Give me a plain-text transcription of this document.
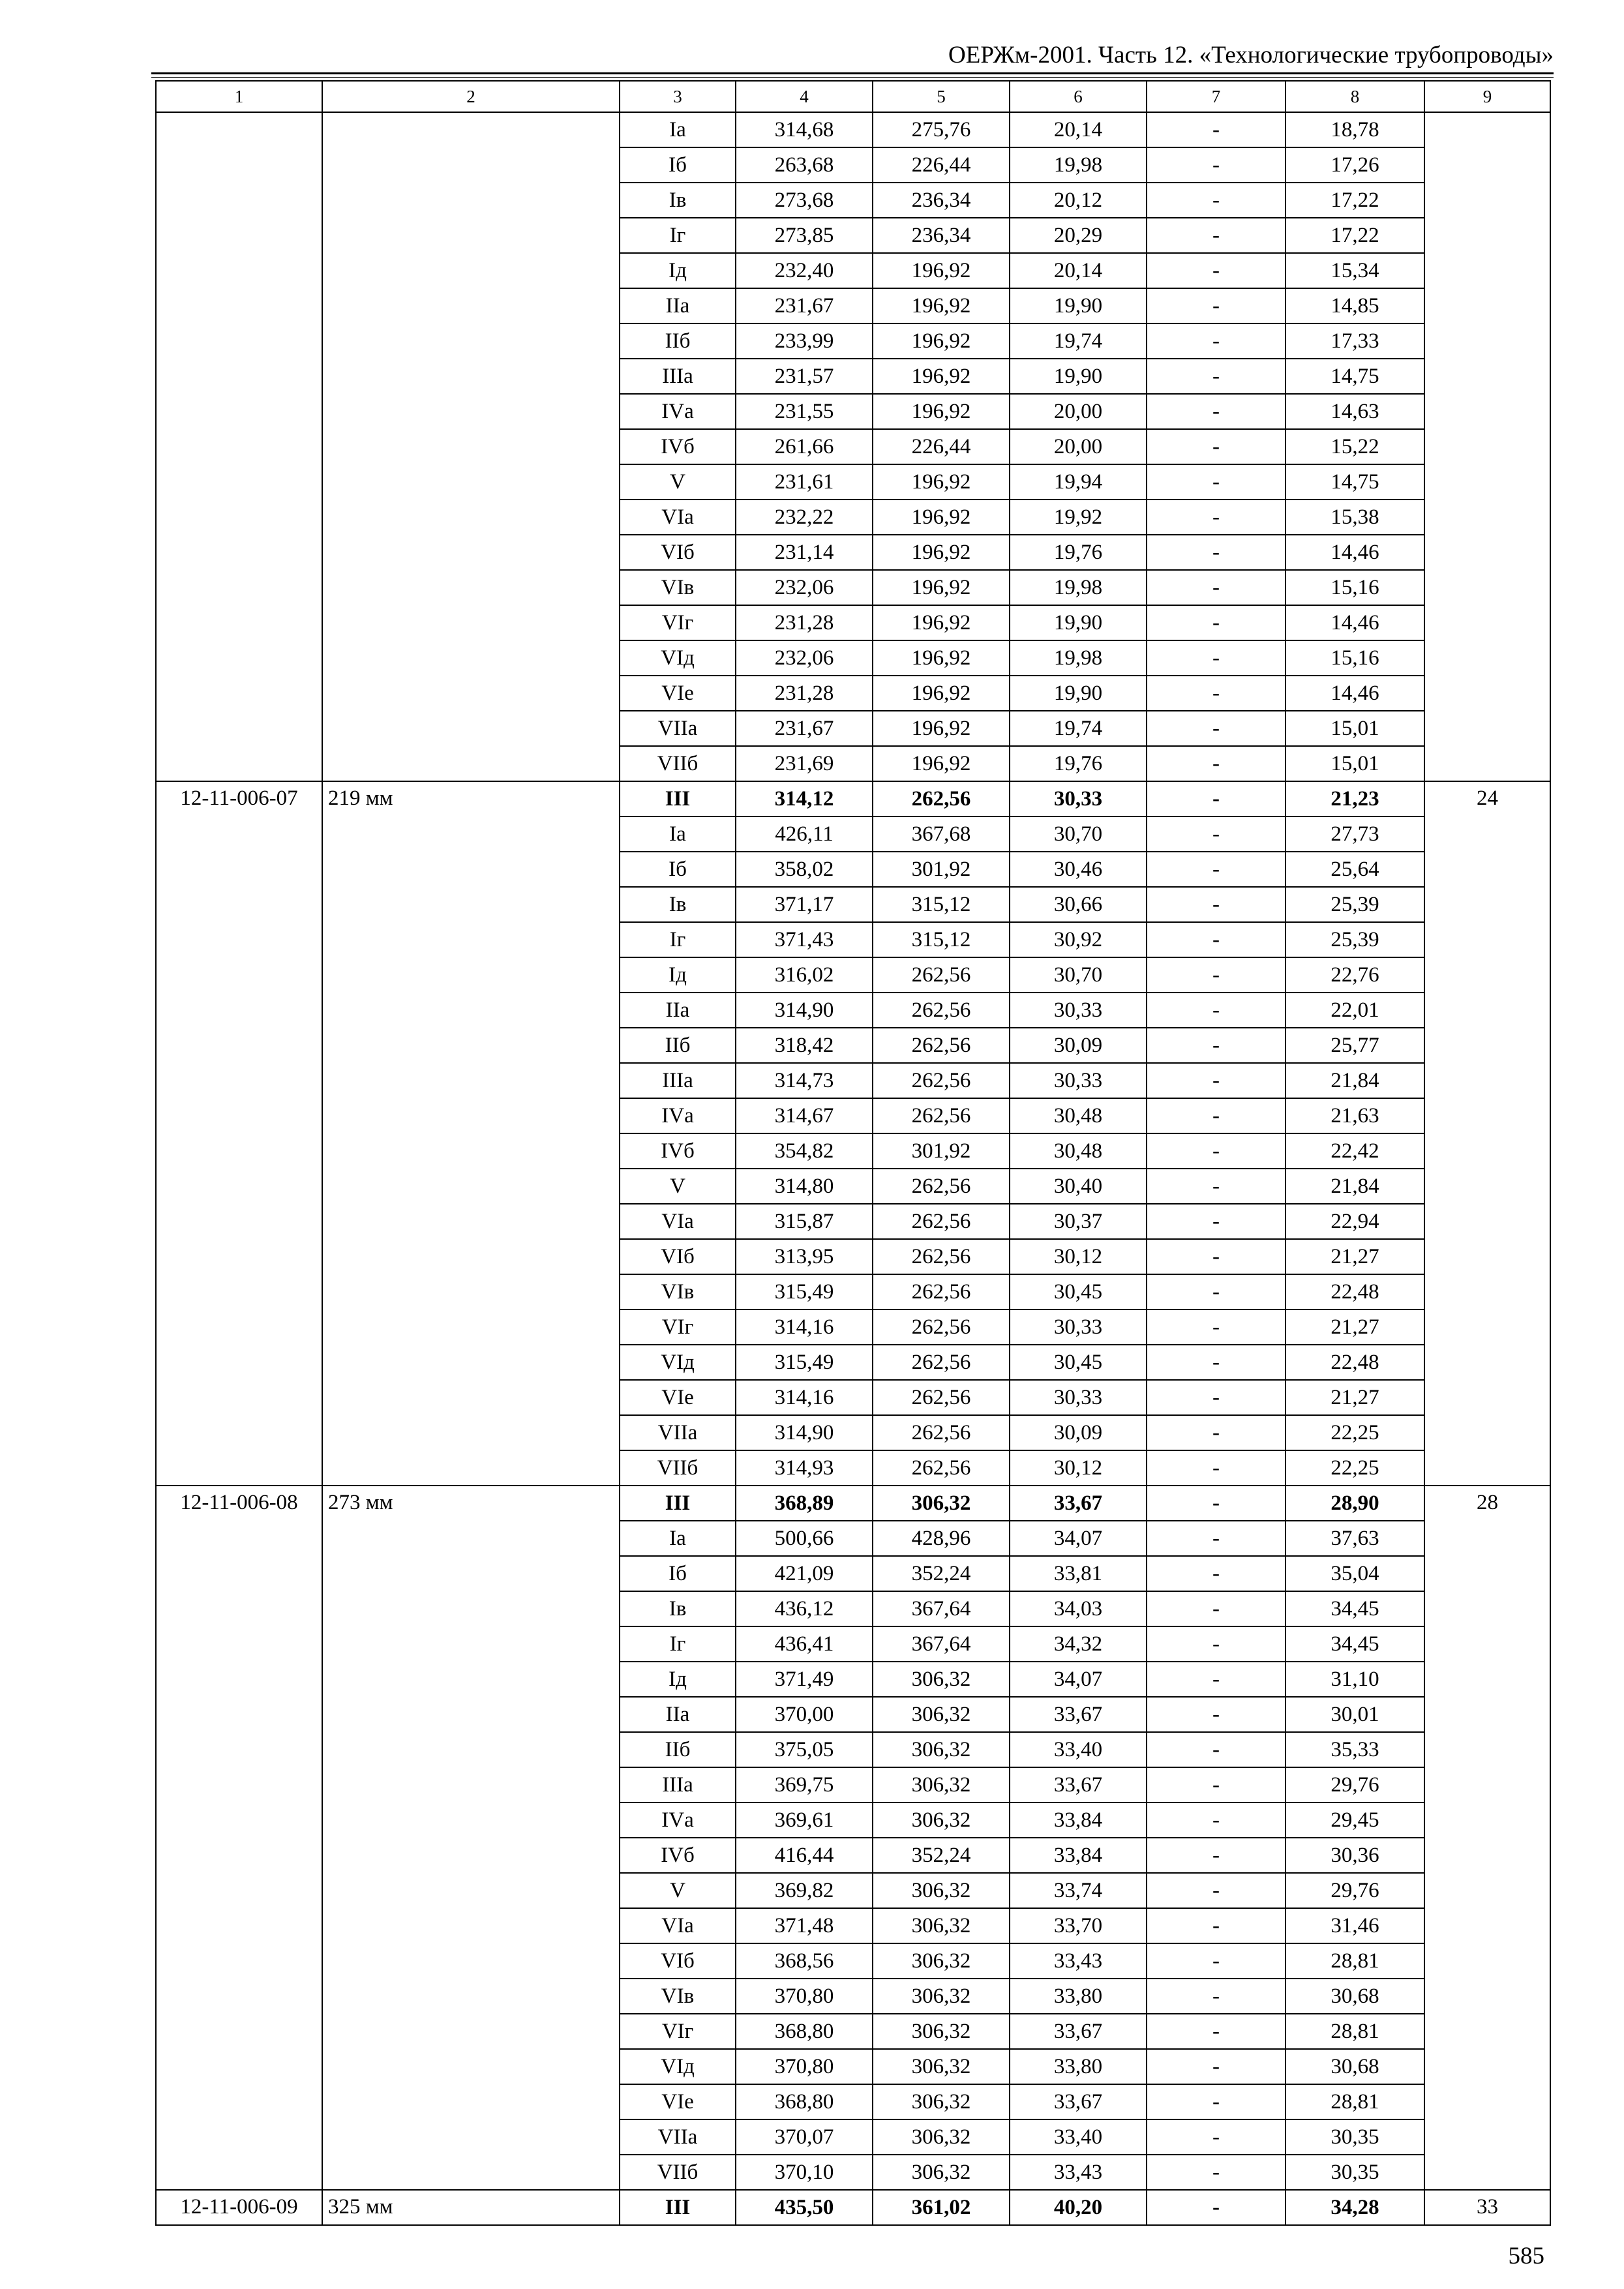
ОЕРЖм-2001. Часть 12. «Технологические трубопроводы»
1	2	3	4	5	6	7	8	9
		Iа	314,68	275,76	20,14	-	18,78	
		Iб	263,68	226,44	19,98	-	17,26	
		Iв	273,68	236,34	20,12	-	17,22	
		Iг	273,85	236,34	20,29	-	17,22	
		Iд	232,40	196,92	20,14	-	15,34	
		IIа	231,67	196,92	19,90	-	14,85	
		IIб	233,99	196,92	19,74	-	17,33	
		IIIа	231,57	196,92	19,90	-	14,75	
		IVа	231,55	196,92	20,00	-	14,63	
		IVб	261,66	226,44	20,00	-	15,22	
		V	231,61	196,92	19,94	-	14,75	
		VIа	232,22	196,92	19,92	-	15,38	
		VIб	231,14	196,92	19,76	-	14,46	
		VIв	232,06	196,92	19,98	-	15,16	
		VIг	231,28	196,92	19,90	-	14,46	
		VIд	232,06	196,92	19,98	-	15,16	
		VIе	231,28	196,92	19,90	-	14,46	
		VIIа	231,67	196,92	19,74	-	15,01	
		VIIб	231,69	196,92	19,76	-	15,01	
12-11-006-07	219 мм	III	314,12	262,56	30,33	-	21,23	24
		Iа	426,11	367,68	30,70	-	27,73	
		Iб	358,02	301,92	30,46	-	25,64	
		Iв	371,17	315,12	30,66	-	25,39	
		Iг	371,43	315,12	30,92	-	25,39	
		Iд	316,02	262,56	30,70	-	22,76	
		IIа	314,90	262,56	30,33	-	22,01	
		IIб	318,42	262,56	30,09	-	25,77	
		IIIа	314,73	262,56	30,33	-	21,84	
		IVа	314,67	262,56	30,48	-	21,63	
		IVб	354,82	301,92	30,48	-	22,42	
		V	314,80	262,56	30,40	-	21,84	
		VIа	315,87	262,56	30,37	-	22,94	
		VIб	313,95	262,56	30,12	-	21,27	
		VIв	315,49	262,56	30,45	-	22,48	
		VIг	314,16	262,56	30,33	-	21,27	
		VIд	315,49	262,56	30,45	-	22,48	
		VIе	314,16	262,56	30,33	-	21,27	
		VIIа	314,90	262,56	30,09	-	22,25	
		VIIб	314,93	262,56	30,12	-	22,25	
12-11-006-08	273 мм	III	368,89	306,32	33,67	-	28,90	28
		Iа	500,66	428,96	34,07	-	37,63	
		Iб	421,09	352,24	33,81	-	35,04	
		Iв	436,12	367,64	34,03	-	34,45	
		Iг	436,41	367,64	34,32	-	34,45	
		Iд	371,49	306,32	34,07	-	31,10	
		IIа	370,00	306,32	33,67	-	30,01	
		IIб	375,05	306,32	33,40	-	35,33	
		IIIа	369,75	306,32	33,67	-	29,76	
		IVа	369,61	306,32	33,84	-	29,45	
		IVб	416,44	352,24	33,84	-	30,36	
		V	369,82	306,32	33,74	-	29,76	
		VIа	371,48	306,32	33,70	-	31,46	
		VIб	368,56	306,32	33,43	-	28,81	
		VIв	370,80	306,32	33,80	-	30,68	
		VIг	368,80	306,32	33,67	-	28,81	
		VIд	370,80	306,32	33,80	-	30,68	
		VIе	368,80	306,32	33,67	-	28,81	
		VIIа	370,07	306,32	33,40	-	30,35	
		VIIб	370,10	306,32	33,43	-	30,35	
12-11-006-09	325 мм	III	435,50	361,02	40,20	-	34,28	33
585
